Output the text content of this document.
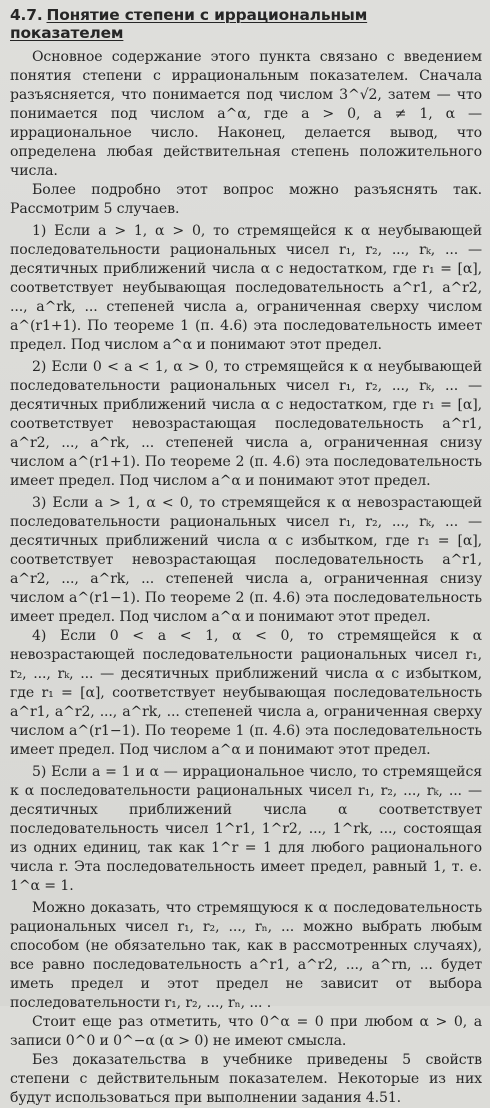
4.7. Понятие степени с иррациональным показателем

Основное содержание этого пункта связано с введением понятия степени с иррациональным показателем. Сначала разъясняется, что понимается под числом 3^√2, затем — что понимается под числом a^α, где a > 0, a ≠ 1, α — иррациональное число. Наконец, делается вывод, что определена любая действительная степень положительного числа.

Более подробно этот вопрос можно разъяснять так. Рассмотрим 5 случаев.

1) Если a > 1, α > 0, то стремящейся к α неубывающей последовательности рациональных чисел r₁, r₂, ..., rₖ, ... — десятичных приближений числа α с недостатком, где r₁ = [α], соответствует неубывающая последовательность a^r1, a^r2, ..., a^rk, ... степеней числа a, ограниченная сверху числом a^(r1+1). По теореме 1 (п. 4.6) эта последовательность имеет предел. Под числом a^α и понимают этот предел.

2) Если 0 < a < 1, α > 0, то стремящейся к α неубывающей последовательности рациональных чисел r₁, r₂, ..., rₖ, ... — десятичных приближений числа α с недостатком, где r₁ = [α], соответствует невозрастающая последовательность a^r1, a^r2, ..., a^rk, ... степеней числа a, ограниченная снизу числом a^(r1+1). По теореме 2 (п. 4.6) эта последовательность имеет предел. Под числом a^α и понимают этот предел.

3) Если a > 1, α < 0, то стремящейся к α невозрастающей последовательности рациональных чисел r₁, r₂, ..., rₖ, ... — десятичных приближений числа α с избытком, где r₁ = [α], соответствует невозрастающая последовательность a^r1, a^r2, ..., a^rk, ... степеней числа a, ограниченная снизу числом a^(r1−1). По теореме 2 (п. 4.6) эта последовательность имеет предел. Под числом a^α и понимают этот предел.

4) Если 0 < a < 1, α < 0, то стремящейся к α невозрастающей последовательности рациональных чисел r₁, r₂, ..., rₖ, ... — десятичных приближений числа α с избытком, где r₁ = [α], соответствует неубывающая последовательность a^r1, a^r2, ..., a^rk, ... степеней числа a, ограниченная сверху числом a^(r1−1). По теореме 1 (п. 4.6) эта последовательность имеет предел. Под числом a^α и понимают этот предел.

5) Если a = 1 и α — иррациональное число, то стремящейся к α последовательности рациональных чисел r₁, r₂, ..., rₖ, ... — десятичных приближений числа α соответствует последовательность чисел 1^r1, 1^r2, ..., 1^rk, ..., состоящая из одних единиц, так как 1^r = 1 для любого рационального числа r. Эта последовательность имеет предел, равный 1, т. е. 1^α = 1.

Можно доказать, что стремящуюся к α последовательность рациональных чисел r₁, r₂, ..., rₙ, ... можно выбрать любым способом (не обязательно так, как в рассмотренных случаях), все равно последовательность a^r1, a^r2, ..., a^rn, ... будет иметь предел и этот предел не зависит от выбора последовательности r₁, r₂, ..., rₙ, ... .

Стоит еще раз отметить, что 0^α = 0 при любом α > 0, а записи 0^0 и 0^−α (α > 0) не имеют смысла.

Без доказательства в учебнике приведены 5 свойств степени с действительным показателем. Некоторые из них будут использоваться при выполнении задания 4.51.
